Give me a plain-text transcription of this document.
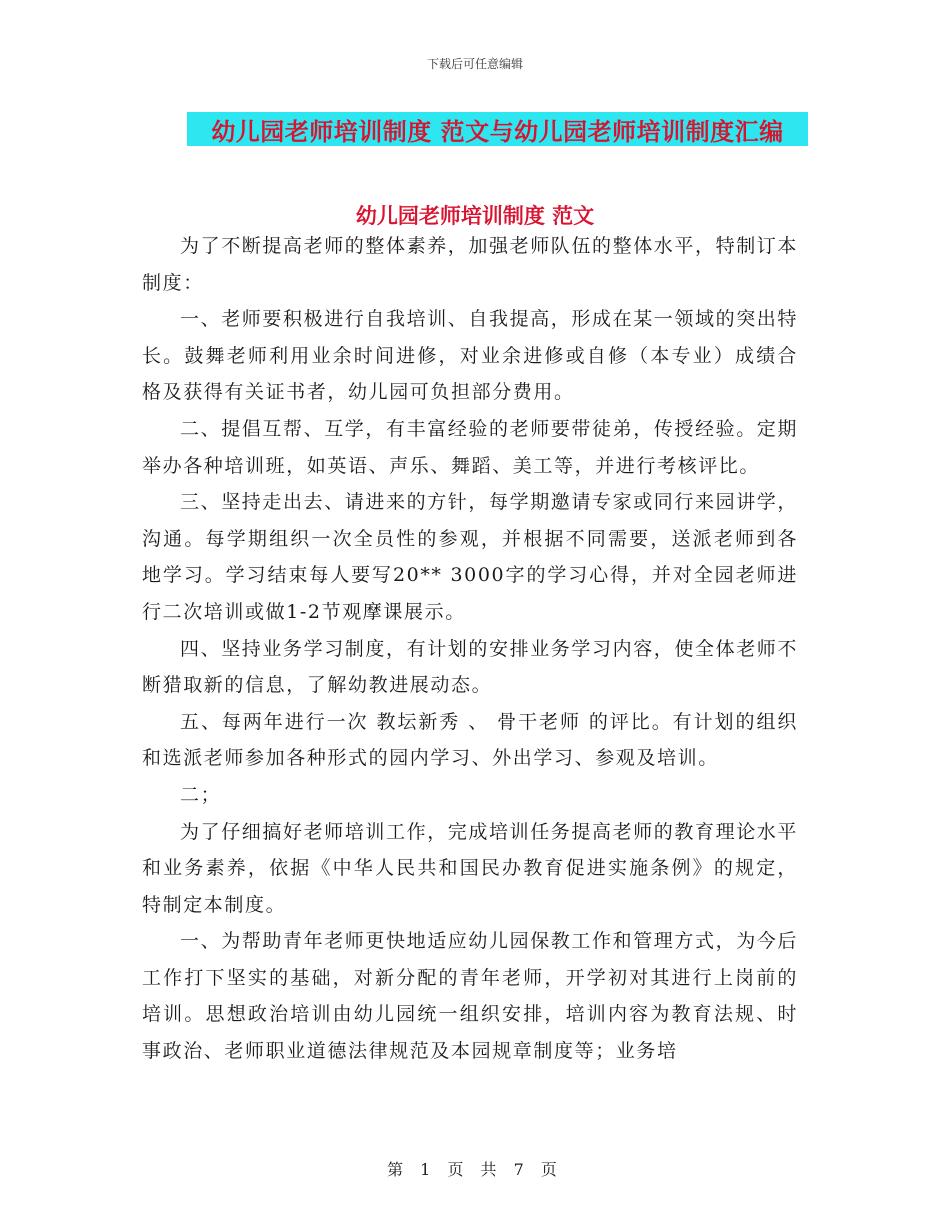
下载后可任意编辑
幼儿园老师培训制度 范文与幼儿园老师培训制度汇编
幼儿园老师培训制度 范文

为了不断提高老师的整体素养，加强老师队伍的整体水平，特制订本制度：

一、老师要积极进行自我培训、自我提高，形成在某一领域的突出特长。鼓舞老师利用业余时间进修，对业余进修或自修（本专业）成绩合格及获得有关证书者，幼儿园可负担部分费用。

二、提倡互帮、互学，有丰富经验的老师要带徒弟，传授经验。定期举办各种培训班，如英语、声乐、舞蹈、美工等，并进行考核评比。

三、坚持走出去、请进来的方针，每学期邀请专家或同行来园讲学，沟通。每学期组织一次全员性的参观，并根据不同需要，送派老师到各地学习。学习结束每人要写20** 3000字的学习心得，并对全园老师进行二次培训或做1-2节观摩课展示。

四、坚持业务学习制度，有计划的安排业务学习内容，使全体老师不断猎取新的信息，了解幼教进展动态。

五、每两年进行一次 教坛新秀 、 骨干老师 的评比。有计划的组织和选派老师参加各种形式的园内学习、外出学习、参观及培训。

二；

为了仔细搞好老师培训工作，完成培训任务提高老师的教育理论水平和业务素养，依据《中华人民共和国民办教育促进实施条例》的规定，特制定本制度。

一、为帮助青年老师更快地适应幼儿园保教工作和管理方式，为今后工作打下坚实的基础，对新分配的青年老师，开学初对其进行上岗前的培训。思想政治培训由幼儿园统一组织安排，培训内容为教育法规、时事政治、老师职业道德法律规范及本园规章制度等；业务培

第 1 页 共 7 页
